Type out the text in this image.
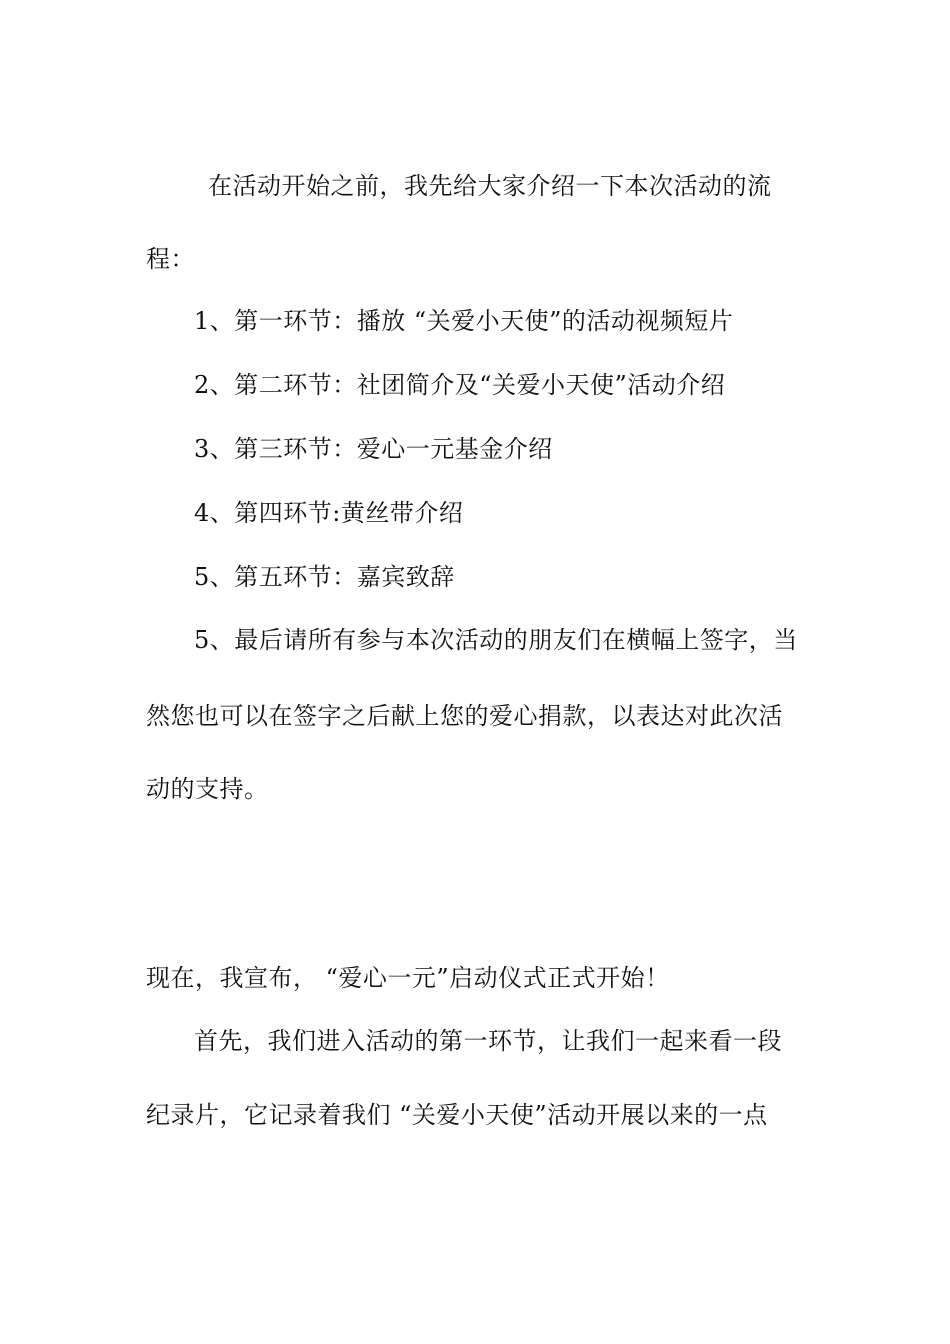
在活动开始之前，我先给大家介绍一下本次活动的流
程：
1、第一环节：播放 “关爱小天使”的活动视频短片
2、第二环节：社团简介及“关爱小天使”活动介绍
3、第三环节：爱心一元基金介绍
4、第四环节:黄丝带介绍
5、第五环节：嘉宾致辞
5、最后请所有参与本次活动的朋友们在横幅上签字，当
然您也可以在签字之后献上您的爱心捐款，以表达对此次活
动的支持。
现在，我宣布， “爱心一元”启动仪式正式开始！
首先，我们进入活动的第一环节，让我们一起来看一段
纪录片，它记录着我们 “关爱小天使”活动开展以来的一点
